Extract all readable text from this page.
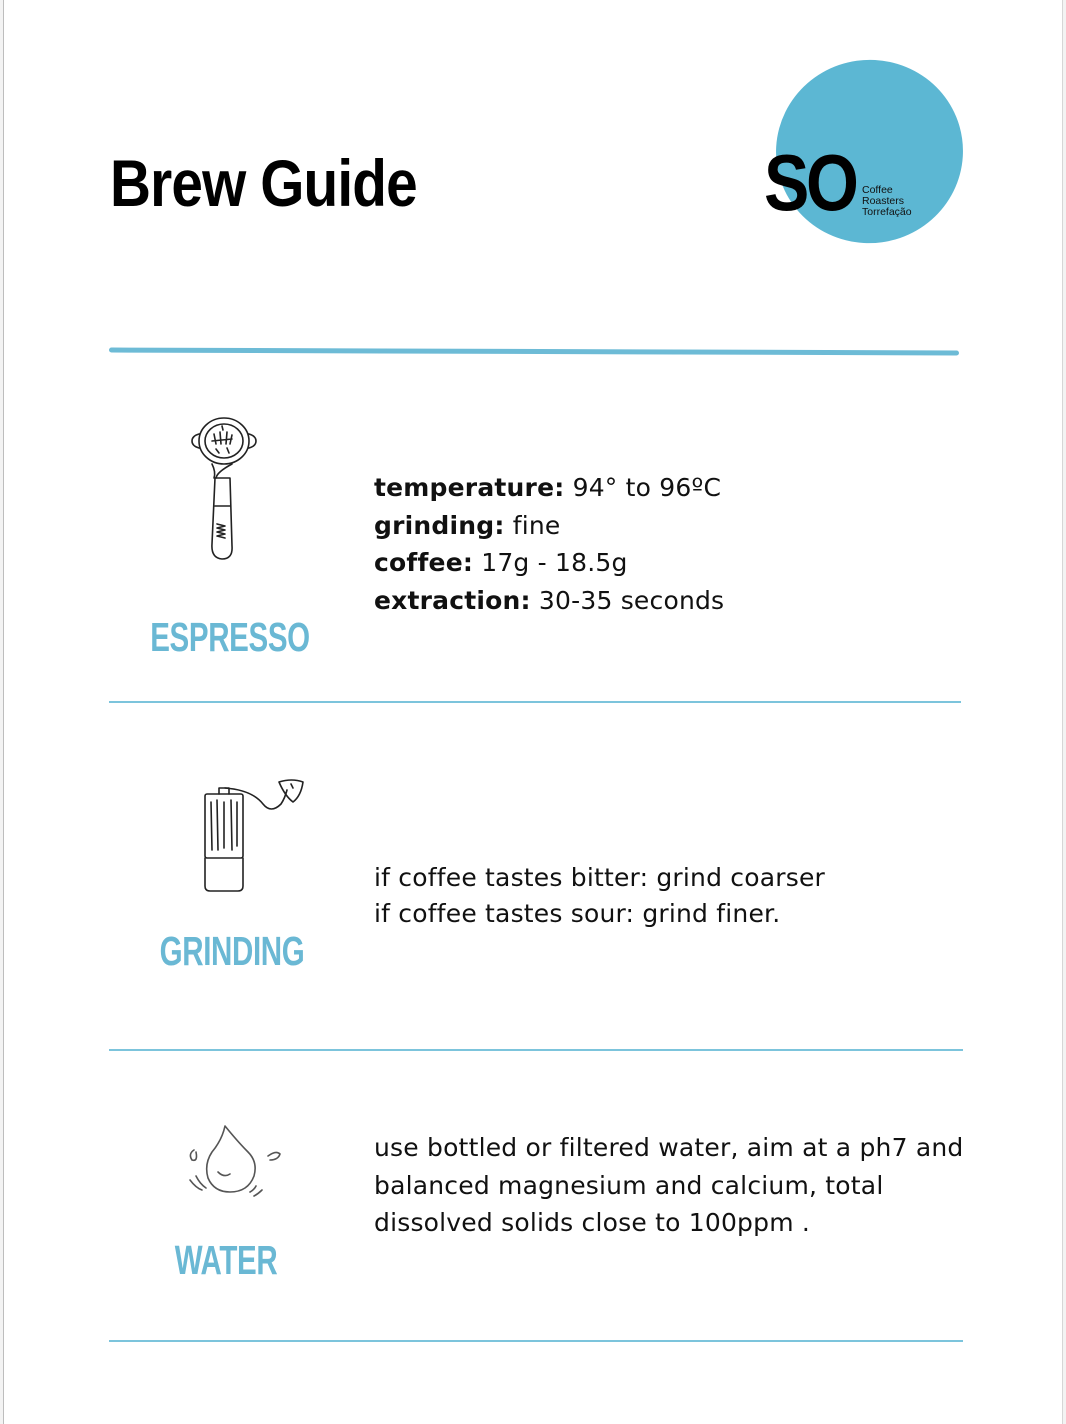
Brew Guide	SO Coffee
Roasters
Torrefação
ESPRESSO
temperature: 94° to 96ºC
grinding: fine
coffee: 17g - 18.5g
extraction: 30-35 seconds
GRINDING
if coffee tastes bitter: grind coarser
if coffee tastes sour: grind finer.
WATER
use bottled or filtered water, aim at a ph7 and
balanced magnesium and calcium, total
dissolved solids close to 100ppm .
